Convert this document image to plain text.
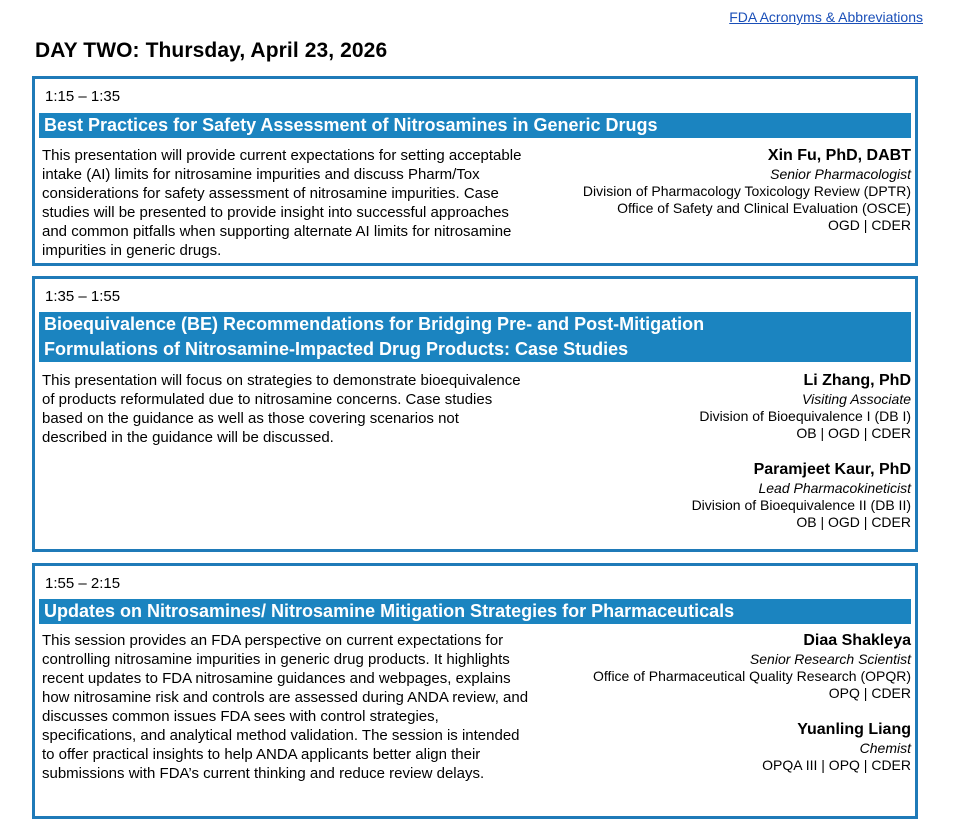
FDA Acronyms & Abbreviations
DAY TWO: Thursday, April 23, 2026
1:15 – 1:35
Best Practices for Safety Assessment of Nitrosamines in Generic Drugs

This presentation will provide current expectations for setting acceptable intake (AI) limits for nitrosamine impurities and discuss Pharm/Tox considerations for safety assessment of nitrosamine impurities. Case studies will be presented to provide insight into successful approaches and common pitfalls when supporting alternate AI limits for nitrosamine impurities in generic drugs.

Xin Fu, PhD, DABT
Senior Pharmacologist
Division of Pharmacology Toxicology Review (DPTR)
Office of Safety and Clinical Evaluation (OSCE)
OGD | CDER
1:35 – 1:55
Bioequivalence (BE) Recommendations for Bridging Pre- and Post-Mitigation Formulations of Nitrosamine-Impacted Drug Products: Case Studies

This presentation will focus on strategies to demonstrate bioequivalence of products reformulated due to nitrosamine concerns. Case studies based on the guidance as well as those covering scenarios not described in the guidance will be discussed.

Li Zhang, PhD
Visiting Associate
Division of Bioequivalence I (DB I)
OB | OGD | CDER
Paramjeet Kaur, PhD
Lead Pharmacokineticist
Division of Bioequivalence II (DB II)
OB | OGD | CDER
1:55 – 2:15
Updates on Nitrosamines/ Nitrosamine Mitigation Strategies for Pharmaceuticals

This session provides an FDA perspective on current expectations for controlling nitrosamine impurities in generic drug products. It highlights recent updates to FDA nitrosamine guidances and webpages, explains how nitrosamine risk and controls are assessed during ANDA review, and discusses common issues FDA sees with control strategies, specifications, and analytical method validation. The session is intended to offer practical insights to help ANDA applicants better align their submissions with FDA’s current thinking and reduce review delays.

Diaa Shakleya
Senior Research Scientist
Office of Pharmaceutical Quality Research (OPQR)
OPQ | CDER
Yuanling Liang
Chemist
OPQA III | OPQ | CDER
